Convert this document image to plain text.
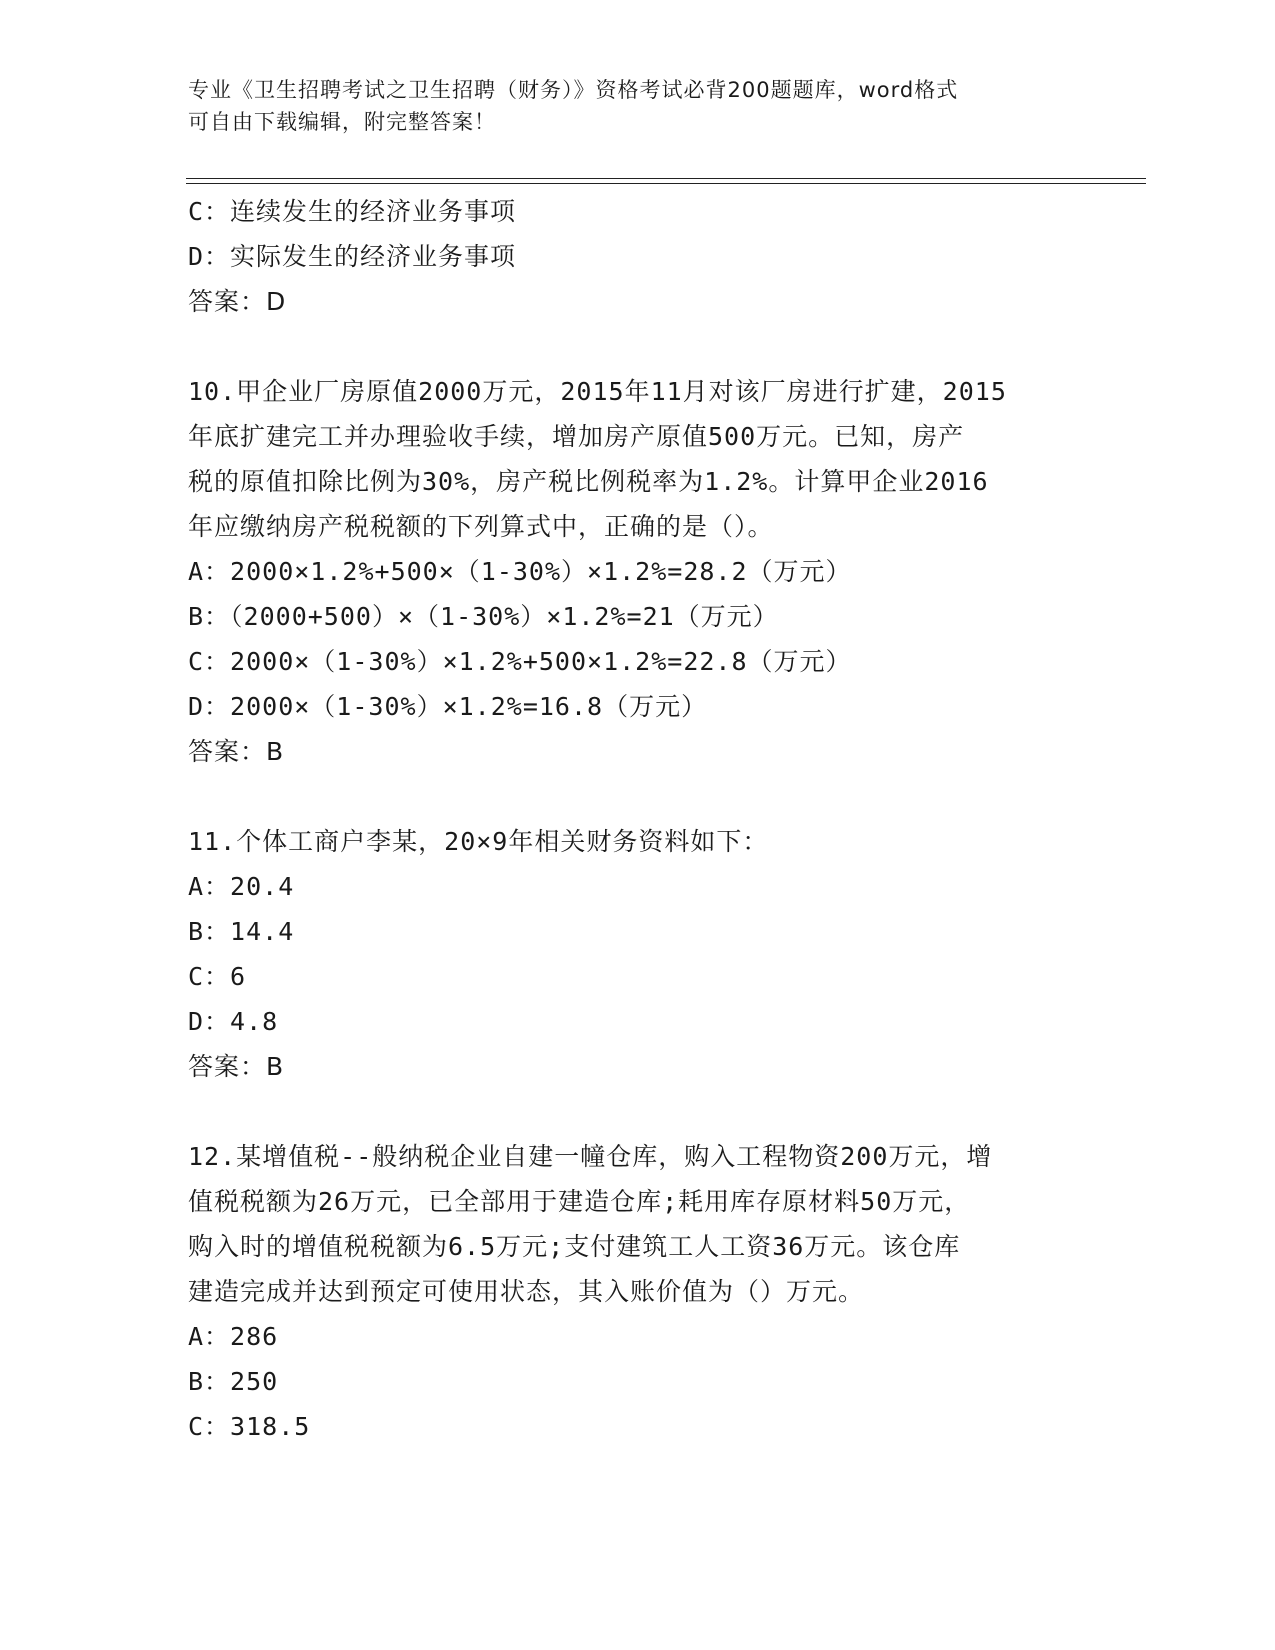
专业《卫生招聘考试之卫生招聘（财务）》资格考试必背200题题库，word格式
可自由下载编辑，附完整答案！
C：连续发生的经济业务事项
D：实际发生的经济业务事项
答案：D
10.甲企业厂房原值2000万元，2015年11月对该厂房进行扩建，2015
年底扩建完工并办理验收手续，增加房产原值500万元。已知，房产
税的原值扣除比例为30%，房产税比例税率为1.2%。计算甲企业2016
年应缴纳房产税税额的下列算式中，正确的是（）。
A：2000×1.2%+500×（1-30%）×1.2%=28.2（万元）
B：（2000+500）×（1-30%）×1.2%=21（万元）
C：2000×（1-30%）×1.2%+500×1.2%=22.8（万元）
D：2000×（1-30%）×1.2%=16.8（万元）
答案：B
11.个体工商户李某，20×9年相关财务资料如下：
A：20.4
B：14.4
C：6
D：4.8
答案：B
12.某增值税--般纳税企业自建一幢仓库，购入工程物资200万元，增
值税税额为26万元，已全部用于建造仓库;耗用库存原材料50万元，
购入时的增值税税额为6.5万元;支付建筑工人工资36万元。该仓库
建造完成并达到预定可使用状态，其入账价值为（）万元。
A：286
B：250
C：318.5
